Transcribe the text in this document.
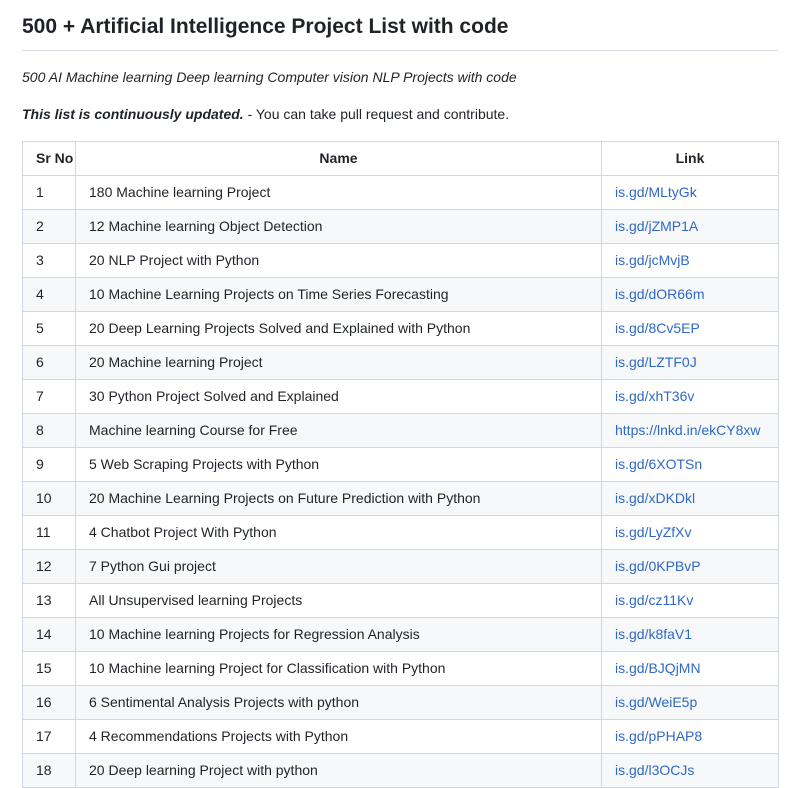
500 + Artificial Intelligence Project List with code

500 AI Machine learning Deep learning Computer vision NLP Projects with code

This list is continuously updated. - You can take pull request and contribute.

Sr No	Name	Link
1	180 Machine learning Project	is.gd/MLtyGk
2	12 Machine learning Object Detection	is.gd/jZMP1A
3	20 NLP Project with Python	is.gd/jcMvjB
4	10 Machine Learning Projects on Time Series Forecasting	is.gd/dOR66m
5	20 Deep Learning Projects Solved and Explained with Python	is.gd/8Cv5EP
6	20 Machine learning Project	is.gd/LZTF0J
7	30 Python Project Solved and Explained	is.gd/xhT36v
8	Machine learning Course for Free	https://lnkd.in/ekCY8xw
9	5 Web Scraping Projects with Python	is.gd/6XOTSn
10	20 Machine Learning Projects on Future Prediction with Python	is.gd/xDKDkl
11	4 Chatbot Project With Python	is.gd/LyZfXv
12	7 Python Gui project	is.gd/0KPBvP
13	All Unsupervised learning Projects	is.gd/cz11Kv
14	10 Machine learning Projects for Regression Analysis	is.gd/k8faV1
15	10 Machine learning Project for Classification with Python	is.gd/BJQjMN
16	6 Sentimental Analysis Projects with python	is.gd/WeiE5p
17	4 Recommendations Projects with Python	is.gd/pPHAP8
18	20 Deep learning Project with python	is.gd/l3OCJs
